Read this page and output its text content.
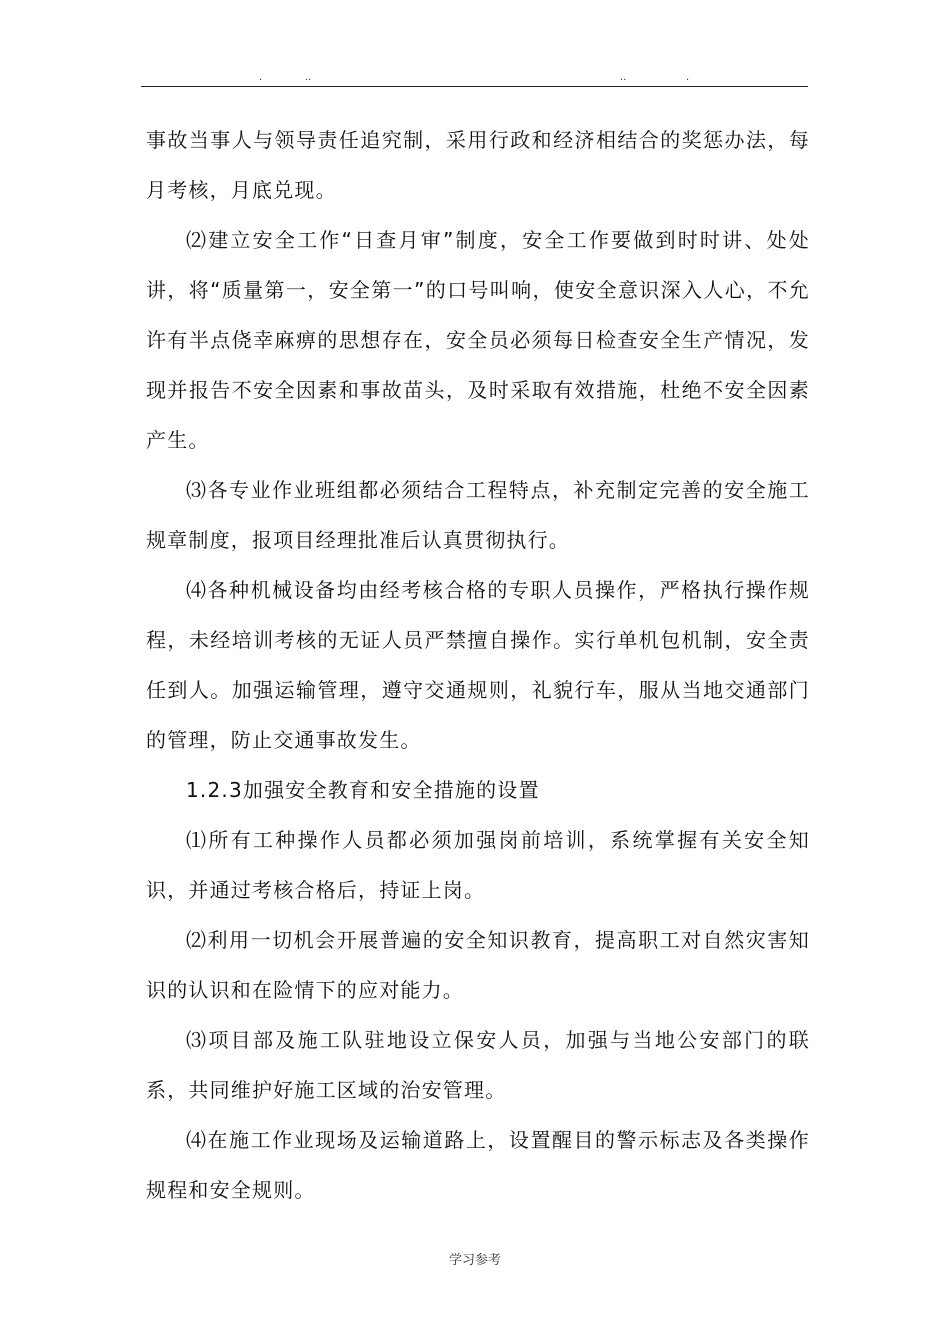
.	..	..	.

事故当事人与领导责任追究制，采用行政和经济相结合的奖惩办法，每月考核，月底兑现。

⑵建立安全工作“日查月审”制度，安全工作要做到时时讲、处处讲，将“质量第一，安全第一”的口号叫响，使安全意识深入人心，不允许有半点侥幸麻痹的思想存在，安全员必须每日检查安全生产情况，发现并报告不安全因素和事故苗头，及时采取有效措施，杜绝不安全因素产生。

⑶各专业作业班组都必须结合工程特点，补充制定完善的安全施工规章制度，报项目经理批准后认真贯彻执行。

⑷各种机械设备均由经考核合格的专职人员操作，严格执行操作规程，未经培训考核的无证人员严禁擅自操作。实行单机包机制，安全责任到人。加强运输管理，遵守交通规则，礼貌行车，服从当地交通部门的管理，防止交通事故发生。

1.2.3加强安全教育和安全措施的设置

⑴所有工种操作人员都必须加强岗前培训，系统掌握有关安全知识，并通过考核合格后，持证上岗。

⑵利用一切机会开展普遍的安全知识教育，提高职工对自然灾害知识的认识和在险情下的应对能力。

⑶项目部及施工队驻地设立保安人员，加强与当地公安部门的联系，共同维护好施工区域的治安管理。

⑷在施工作业现场及运输道路上，设置醒目的警示标志及各类操作规程和安全规则。

学习参考
